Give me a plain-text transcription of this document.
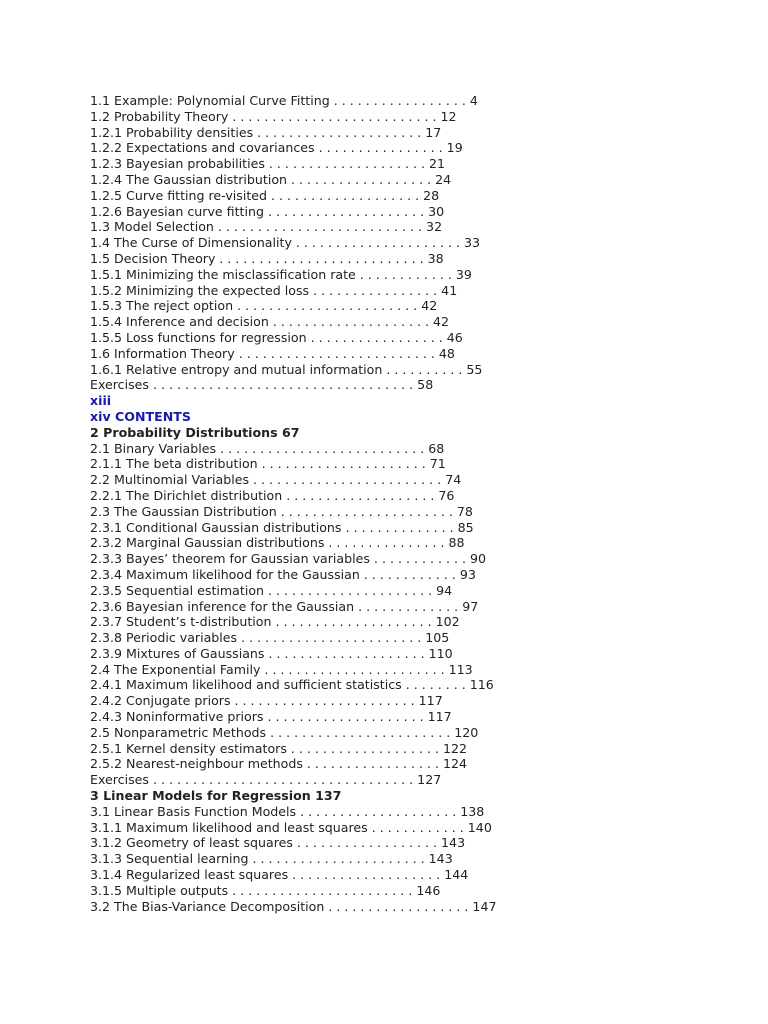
1.1 Example: Polynomial Curve Fitting . . . . . . . . . . . . . . . . . 4
1.2 Probability Theory . . . . . . . . . . . . . . . . . . . . . . . . . . 12
1.2.1 Probability densities . . . . . . . . . . . . . . . . . . . . . 17
1.2.2 Expectations and covariances . . . . . . . . . . . . . . . . 19
1.2.3 Bayesian probabilities . . . . . . . . . . . . . . . . . . . . 21
1.2.4 The Gaussian distribution . . . . . . . . . . . . . . . . . . 24
1.2.5 Curve fitting re-visited . . . . . . . . . . . . . . . . . . . 28
1.2.6 Bayesian curve fitting . . . . . . . . . . . . . . . . . . . . 30
1.3 Model Selection . . . . . . . . . . . . . . . . . . . . . . . . . . 32
1.4 The Curse of Dimensionality . . . . . . . . . . . . . . . . . . . . . 33
1.5 Decision Theory . . . . . . . . . . . . . . . . . . . . . . . . . . 38
1.5.1 Minimizing the misclassification rate . . . . . . . . . . . . 39
1.5.2 Minimizing the expected loss . . . . . . . . . . . . . . . . 41
1.5.3 The reject option . . . . . . . . . . . . . . . . . . . . . . . 42
1.5.4 Inference and decision . . . . . . . . . . . . . . . . . . . . 42
1.5.5 Loss functions for regression . . . . . . . . . . . . . . . . . 46
1.6 Information Theory . . . . . . . . . . . . . . . . . . . . . . . . . 48
1.6.1 Relative entropy and mutual information . . . . . . . . . . 55
Exercises . . . . . . . . . . . . . . . . . . . . . . . . . . . . . . . . . 58
xiii
xiv CONTENTS
2 Probability Distributions 67
2.1 Binary Variables . . . . . . . . . . . . . . . . . . . . . . . . . . 68
2.1.1 The beta distribution . . . . . . . . . . . . . . . . . . . . . 71
2.2 Multinomial Variables . . . . . . . . . . . . . . . . . . . . . . . . 74
2.2.1 The Dirichlet distribution . . . . . . . . . . . . . . . . . . . 76
2.3 The Gaussian Distribution . . . . . . . . . . . . . . . . . . . . . . 78
2.3.1 Conditional Gaussian distributions . . . . . . . . . . . . . . 85
2.3.2 Marginal Gaussian distributions . . . . . . . . . . . . . . . 88
2.3.3 Bayes’ theorem for Gaussian variables . . . . . . . . . . . . 90
2.3.4 Maximum likelihood for the Gaussian . . . . . . . . . . . . 93
2.3.5 Sequential estimation . . . . . . . . . . . . . . . . . . . . . 94
2.3.6 Bayesian inference for the Gaussian . . . . . . . . . . . . . 97
2.3.7 Student’s t-distribution . . . . . . . . . . . . . . . . . . . . 102
2.3.8 Periodic variables . . . . . . . . . . . . . . . . . . . . . . . 105
2.3.9 Mixtures of Gaussians . . . . . . . . . . . . . . . . . . . . 110
2.4 The Exponential Family . . . . . . . . . . . . . . . . . . . . . . . 113
2.4.1 Maximum likelihood and sufficient statistics . . . . . . . . 116
2.4.2 Conjugate priors . . . . . . . . . . . . . . . . . . . . . . . 117
2.4.3 Noninformative priors . . . . . . . . . . . . . . . . . . . . 117
2.5 Nonparametric Methods . . . . . . . . . . . . . . . . . . . . . . . 120
2.5.1 Kernel density estimators . . . . . . . . . . . . . . . . . . . 122
2.5.2 Nearest-neighbour methods . . . . . . . . . . . . . . . . . 124
Exercises . . . . . . . . . . . . . . . . . . . . . . . . . . . . . . . . . 127
3 Linear Models for Regression 137
3.1 Linear Basis Function Models . . . . . . . . . . . . . . . . . . . . 138
3.1.1 Maximum likelihood and least squares . . . . . . . . . . . . 140
3.1.2 Geometry of least squares . . . . . . . . . . . . . . . . . . 143
3.1.3 Sequential learning . . . . . . . . . . . . . . . . . . . . . . 143
3.1.4 Regularized least squares . . . . . . . . . . . . . . . . . . . 144
3.1.5 Multiple outputs . . . . . . . . . . . . . . . . . . . . . . . 146
3.2 The Bias-Variance Decomposition . . . . . . . . . . . . . . . . . . 147
